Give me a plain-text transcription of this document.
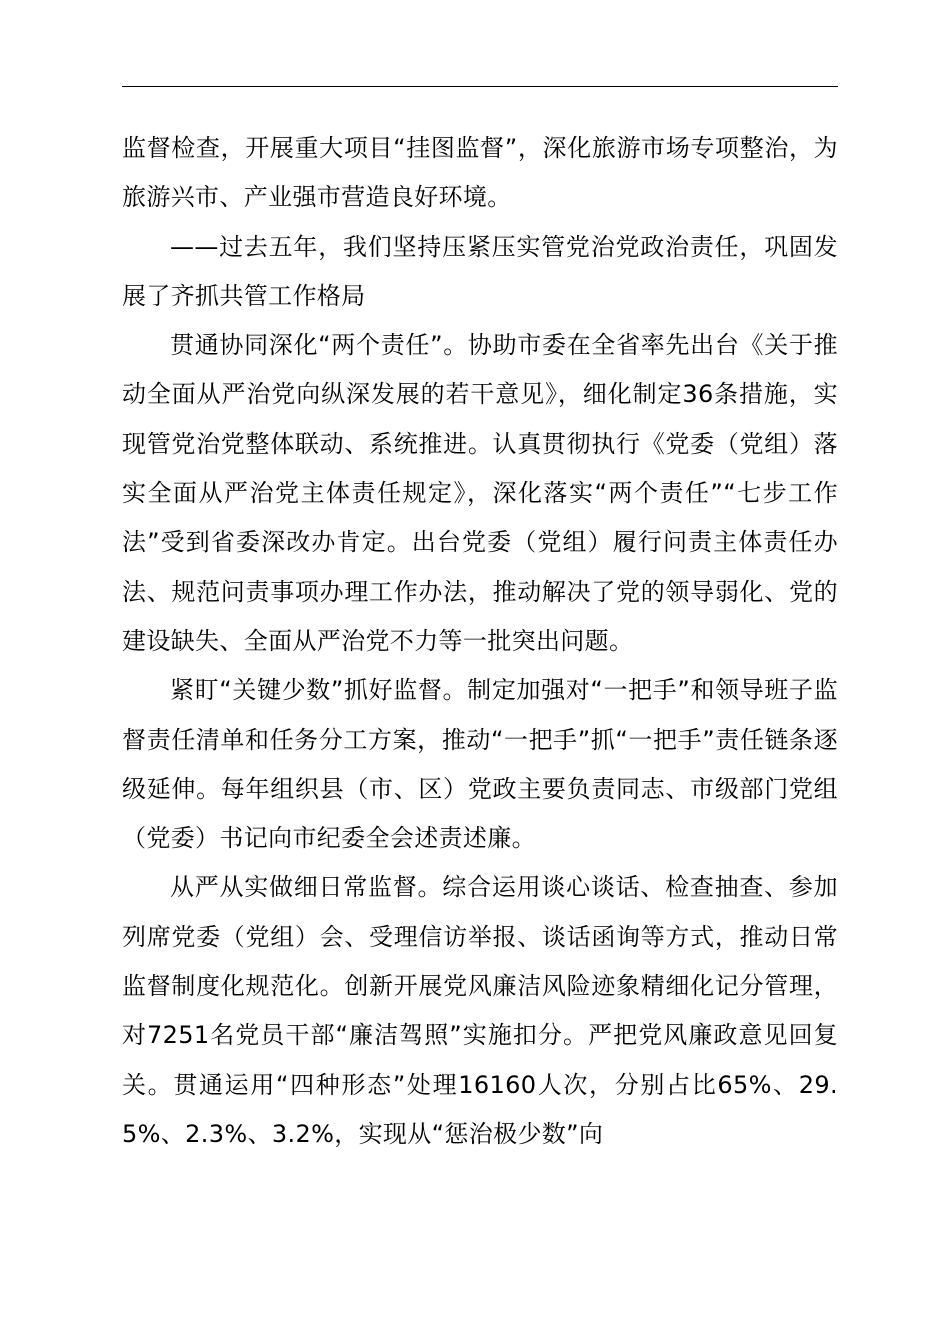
监督检查，开展重大项目“挂图监督”，深化旅游市场专项整治，为旅游兴市、产业强市营造良好环境。

——过去五年，我们坚持压紧压实管党治党政治责任，巩固发展了齐抓共管工作格局

贯通协同深化“两个责任”。协助市委在全省率先出台《关于推动全面从严治党向纵深发展的若干意见》，细化制定36条措施，实现管党治党整体联动、系统推进。认真贯彻执行《党委（党组）落实全面从严治党主体责任规定》，深化落实“两个责任”“七步工作法”受到省委深改办肯定。出台党委（党组）履行问责主体责任办法、规范问责事项办理工作办法，推动解决了党的领导弱化、党的建设缺失、全面从严治党不力等一批突出问题。

紧盯“关键少数”抓好监督。制定加强对“一把手”和领导班子监督责任清单和任务分工方案，推动“一把手”抓“一把手”责任链条逐级延伸。每年组织县（市、区）党政主要负责同志、市级部门党组（党委）书记向市纪委全会述责述廉。

从严从实做细日常监督。综合运用谈心谈话、检查抽查、参加列席党委（党组）会、受理信访举报、谈话函询等方式，推动日常监督制度化规范化。创新开展党风廉洁风险迹象精细化记分管理，对7251名党员干部“廉洁驾照”实施扣分。严把党风廉政意见回复关。贯通运用“四种形态”处理16160人次，分别占比65%、29.5%、2.3%、3.2%，实现从“惩治极少数”向
